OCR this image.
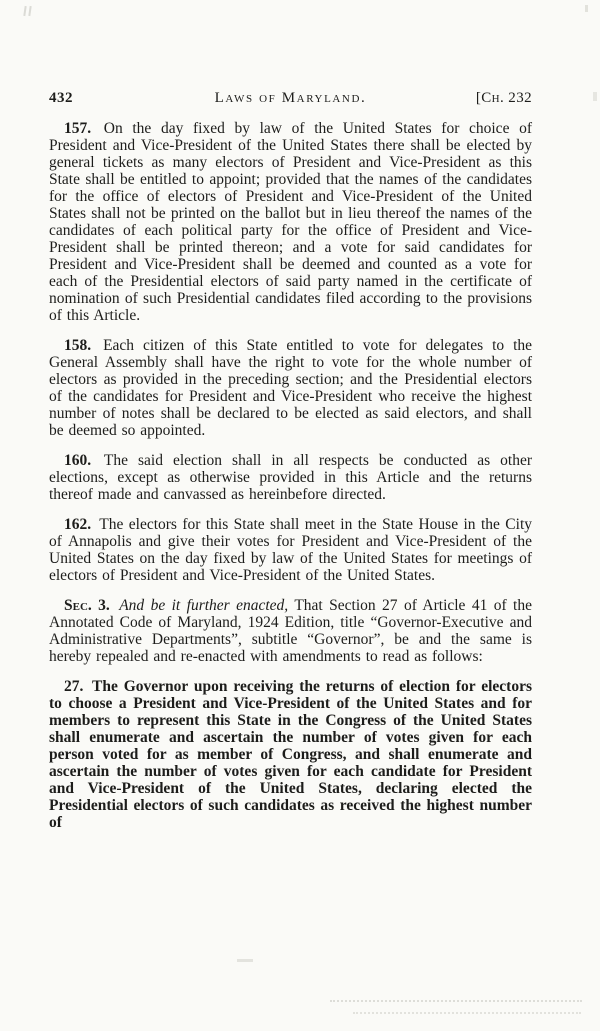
432	Laws of Maryland.	[Ch. 232

157. On the day fixed by law of the United States for choice of President and Vice-President of the United States there shall be elected by general tickets as many electors of President and Vice-President as this State shall be entitled to appoint; provided that the names of the candidates for the office of electors of President and Vice-President of the United States shall not be printed on the ballot but in lieu thereof the names of the candidates of each political party for the office of President and Vice-President shall be printed thereon; and a vote for said candidates for President and Vice-President shall be deemed and counted as a vote for each of the Presidential electors of said party named in the certificate of nomination of such Presidential candidates filed according to the provisions of this Article.

158. Each citizen of this State entitled to vote for delegates to the General Assembly shall have the right to vote for the whole number of electors as provided in the preceding section; and the Presidential electors of the candidates for President and Vice-President who receive the highest number of notes shall be declared to be elected as said electors, and shall be deemed so appointed.

160. The said election shall in all respects be conducted as other elections, except as otherwise provided in this Article and the returns thereof made and canvassed as hereinbefore directed.

162. The electors for this State shall meet in the State House in the City of Annapolis and give their votes for President and Vice-President of the United States on the day fixed by law of the United States for meetings of electors of President and Vice-President of the United States.

Sec. 3. And be it further enacted, That Section 27 of Article 41 of the Annotated Code of Maryland, 1924 Edition, title “Governor-Executive and Administrative Departments”, subtitle “Governor”, be and the same is hereby repealed and re-enacted with amendments to read as follows:

27. The Governor upon receiving the returns of election for electors to choose a President and Vice-President of the United States and for members to represent this State in the Congress of the United States shall enumerate and ascertain the number of votes given for each person voted for as member of Congress, and shall enumerate and ascertain the number of votes given for each candidate for President and Vice-President of the United States, declaring elected the Presidential electors of such candidates as received the highest number of
